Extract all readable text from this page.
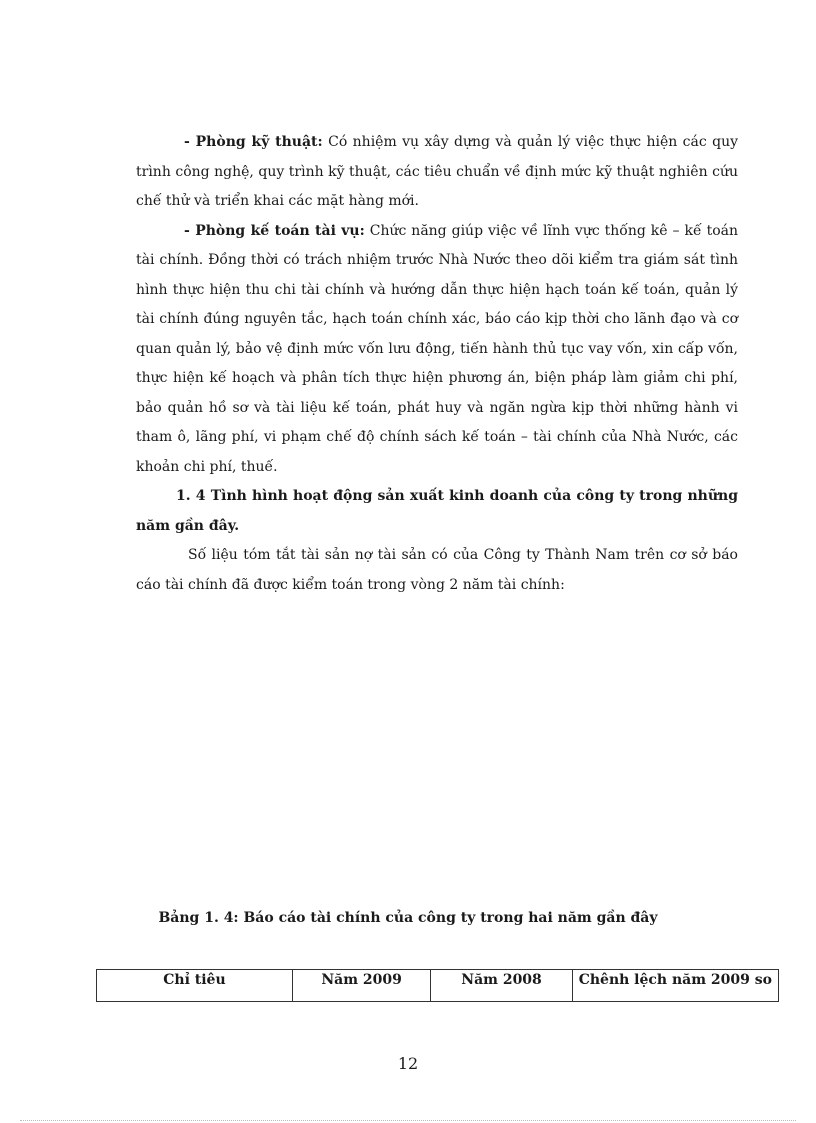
- Phòng kỹ thuật: Có nhiệm vụ xây dựng và quản lý việc thực hiện các quy trình công nghệ, quy trình kỹ thuật, các tiêu chuẩn về định mức kỹ thuật nghiên cứu chế thử và triển khai các mặt hàng mới.

- Phòng kế toán tài vụ: Chức năng giúp việc về lĩnh vực thống kê – kế toán tài chính. Đồng thời có trách nhiệm trước Nhà Nước theo dõi kiểm tra giám sát tình hình thực hiện thu chi tài chính và hướng dẫn thực hiện hạch toán kế toán, quản lý tài chính đúng nguyên tắc, hạch toán chính xác, báo cáo kịp thời cho lãnh đạo và cơ quan quản lý, bảo vệ định mức vốn lưu động, tiến hành thủ tục vay vốn, xin cấp vốn, thực hiện kế hoạch và phân tích thực hiện phương án, biện pháp làm giảm chi phí, bảo quản hồ sơ và tài liệu kế toán, phát huy và ngăn ngừa kịp thời những hành vi tham ô, lãng phí, vi phạm chế độ chính sách kế toán – tài chính của Nhà Nước, các khoản chi phí, thuế.

1. 4 Tình hình hoạt động sản xuất kinh doanh của công ty trong những năm gần đây.

Số liệu tóm tắt tài sản nợ tài sản có của Công ty Thành Nam trên cơ sở báo cáo tài chính đã được kiểm toán trong vòng 2 năm tài chính:

Bảng 1. 4: Báo cáo tài chính của công ty trong hai năm gần đây
Chỉ tiêu	Năm 2009	Năm 2008	Chênh lệch năm 2009 so
12
